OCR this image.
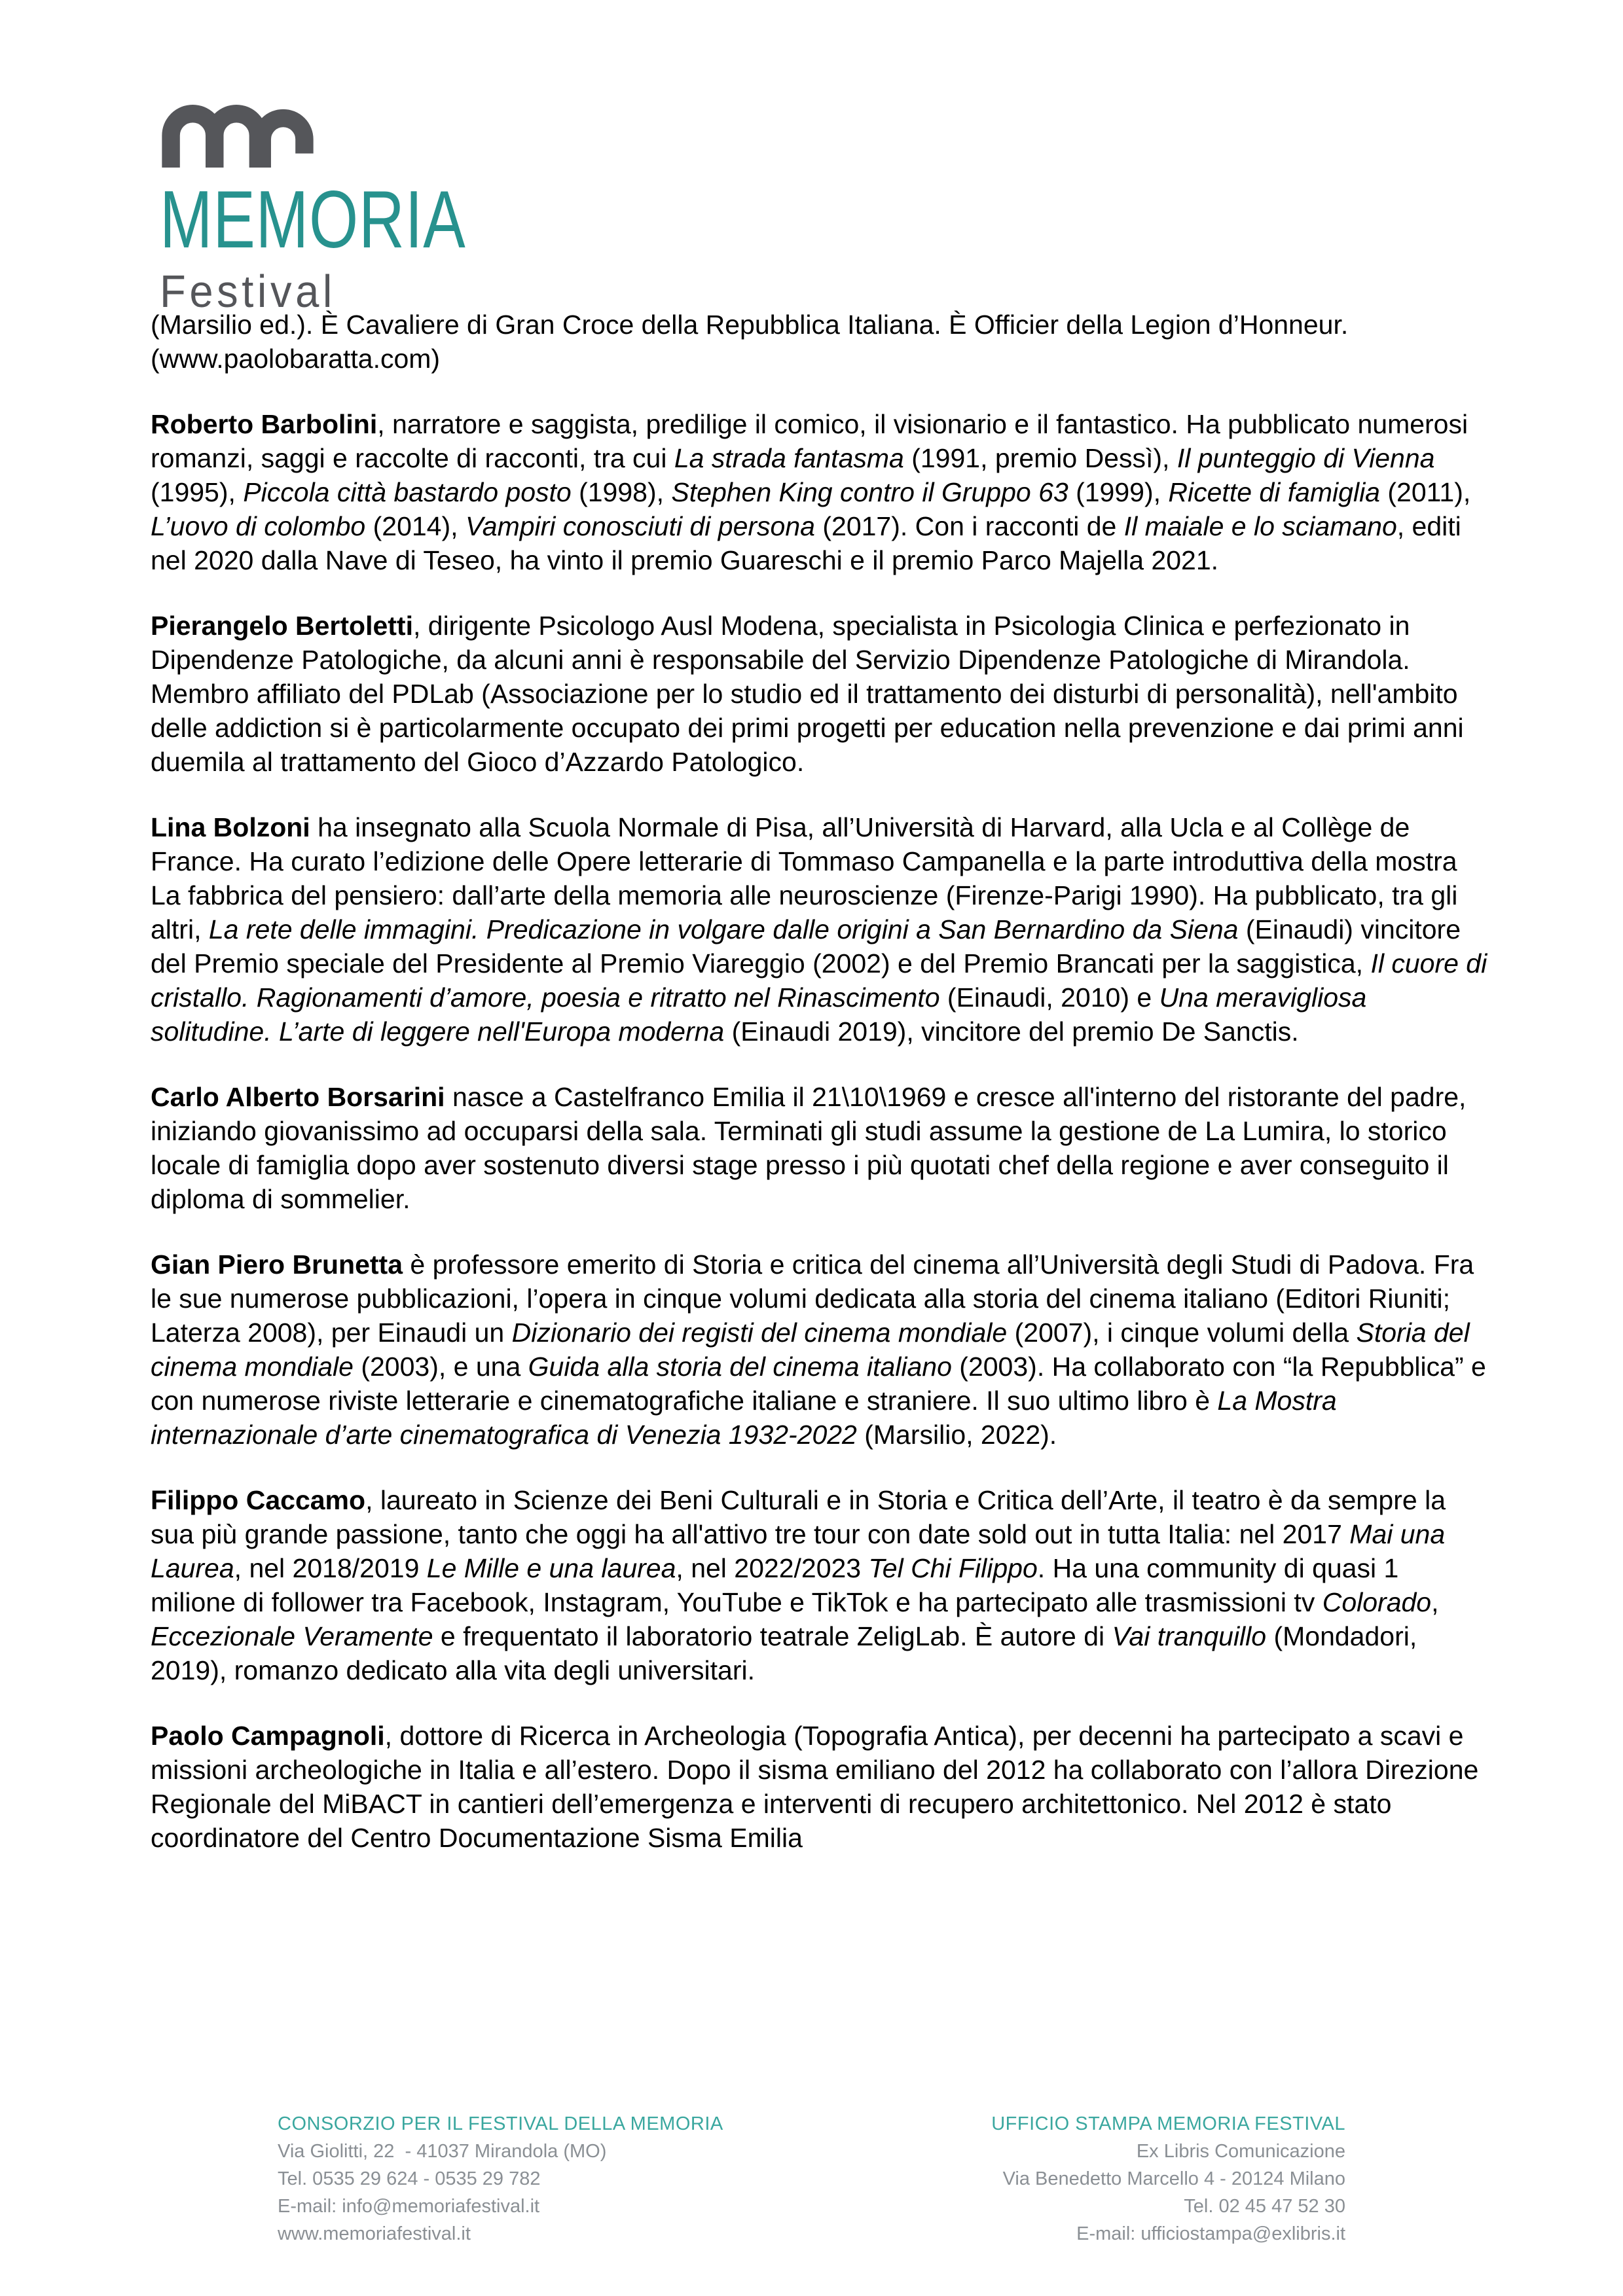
MEMORIA
Festival

(Marsilio ed.). È Cavaliere di Gran Croce della Repubblica Italiana. È Officier della Legion d’Honneur. (www.paolobaratta.com)

Roberto Barbolini, narratore e saggista, predilige il comico, il visionario e il fantastico. Ha pubblicato numerosi romanzi, saggi e raccolte di racconti, tra cui La strada fantasma (1991, premio Dessì), Il punteggio di Vienna (1995), Piccola città bastardo posto (1998), Stephen King contro il Gruppo 63 (1999), Ricette di famiglia (2011), L’uovo di colombo (2014), Vampiri conosciuti di persona (2017). Con i racconti de Il maiale e lo sciamano, editi nel 2020 dalla Nave di Teseo, ha vinto il premio Guareschi e il premio Parco Majella 2021.

Pierangelo Bertoletti, dirigente Psicologo Ausl Modena, specialista in Psicologia Clinica e perfezionato in Dipendenze Patologiche, da alcuni anni è responsabile del Servizio Dipendenze Patologiche di Mirandola. Membro affiliato del PDLab (Associazione per lo studio ed il trattamento dei disturbi di personalità), nell'ambito delle addiction si è particolarmente occupato dei primi progetti per education nella prevenzione e dai primi anni duemila al trattamento del Gioco d’Azzardo Patologico.

Lina Bolzoni ha insegnato alla Scuola Normale di Pisa, all’Università di Harvard, alla Ucla e al Collège de France. Ha curato l’edizione delle Opere letterarie di Tommaso Campanella e la parte introduttiva della mostra La fabbrica del pensiero: dall’arte della memoria alle neuroscienze (Firenze-Parigi 1990). Ha pubblicato, tra gli altri, La rete delle immagini. Predicazione in volgare dalle origini a San Bernardino da Siena (Einaudi) vincitore del Premio speciale del Presidente al Premio Viareggio (2002) e del Premio Brancati per la saggistica, Il cuore di cristallo. Ragionamenti d’amore, poesia e ritratto nel Rinascimento (Einaudi, 2010) e Una meravigliosa solitudine. L’arte di leggere nell'Europa moderna (Einaudi 2019), vincitore del premio De Sanctis.

Carlo Alberto Borsarini nasce a Castelfranco Emilia il 21\10\1969 e cresce all'interno del ristorante del padre, iniziando giovanissimo ad occuparsi della sala. Terminati gli studi assume la gestione de La Lumira, lo storico locale di famiglia dopo aver sostenuto diversi stage presso i più quotati chef della regione e aver conseguito il diploma di sommelier.

Gian Piero Brunetta è professore emerito di Storia e critica del cinema all’Università degli Studi di Padova. Fra le sue numerose pubblicazioni, l’opera in cinque volumi dedicata alla storia del cinema italiano (Editori Riuniti; Laterza 2008), per Einaudi un Dizionario dei registi del cinema mondiale (2007), i cinque volumi della Storia del cinema mondiale (2003), e una Guida alla storia del cinema italiano (2003). Ha collaborato con “la Repubblica” e con numerose riviste letterarie e cinematografiche italiane e straniere. Il suo ultimo libro è La Mostra internazionale d’arte cinematografica di Venezia 1932-2022 (Marsilio, 2022).

Filippo Caccamo, laureato in Scienze dei Beni Culturali e in Storia e Critica dell’Arte, il teatro è da sempre la sua più grande passione, tanto che oggi ha all'attivo tre tour con date sold out in tutta Italia: nel 2017 Mai una Laurea, nel 2018/2019 Le Mille e una laurea, nel 2022/2023 Tel Chi Filippo. Ha una community di quasi 1 milione di follower tra Facebook, Instagram, YouTube e TikTok e ha partecipato alle trasmissioni tv Colorado, Eccezionale Veramente e frequentato il laboratorio teatrale ZeligLab. È autore di Vai tranquillo (Mondadori, 2019), romanzo dedicato alla vita degli universitari.

Paolo Campagnoli, dottore di Ricerca in Archeologia (Topografia Antica), per decenni ha partecipato a scavi e missioni archeologiche in Italia e all’estero. Dopo il sisma emiliano del 2012 ha collaborato con l’allora Direzione Regionale del MiBACT in cantieri dell’emergenza e interventi di recupero architettonico. Nel 2012 è stato coordinatore del Centro Documentazione Sisma Emilia

CONSORZIO PER IL FESTIVAL DELLA MEMORIA
Via Giolitti, 22  - 41037 Mirandola (MO)
Tel. 0535 29 624 - 0535 29 782
E-mail: info@memoriafestival.it
www.memoriafestival.it
UFFICIO STAMPA MEMORIA FESTIVAL
Ex Libris Comunicazione
Via Benedetto Marcello 4 - 20124 Milano
Tel. 02 45 47 52 30
E-mail: ufficiostampa@exlibris.it
